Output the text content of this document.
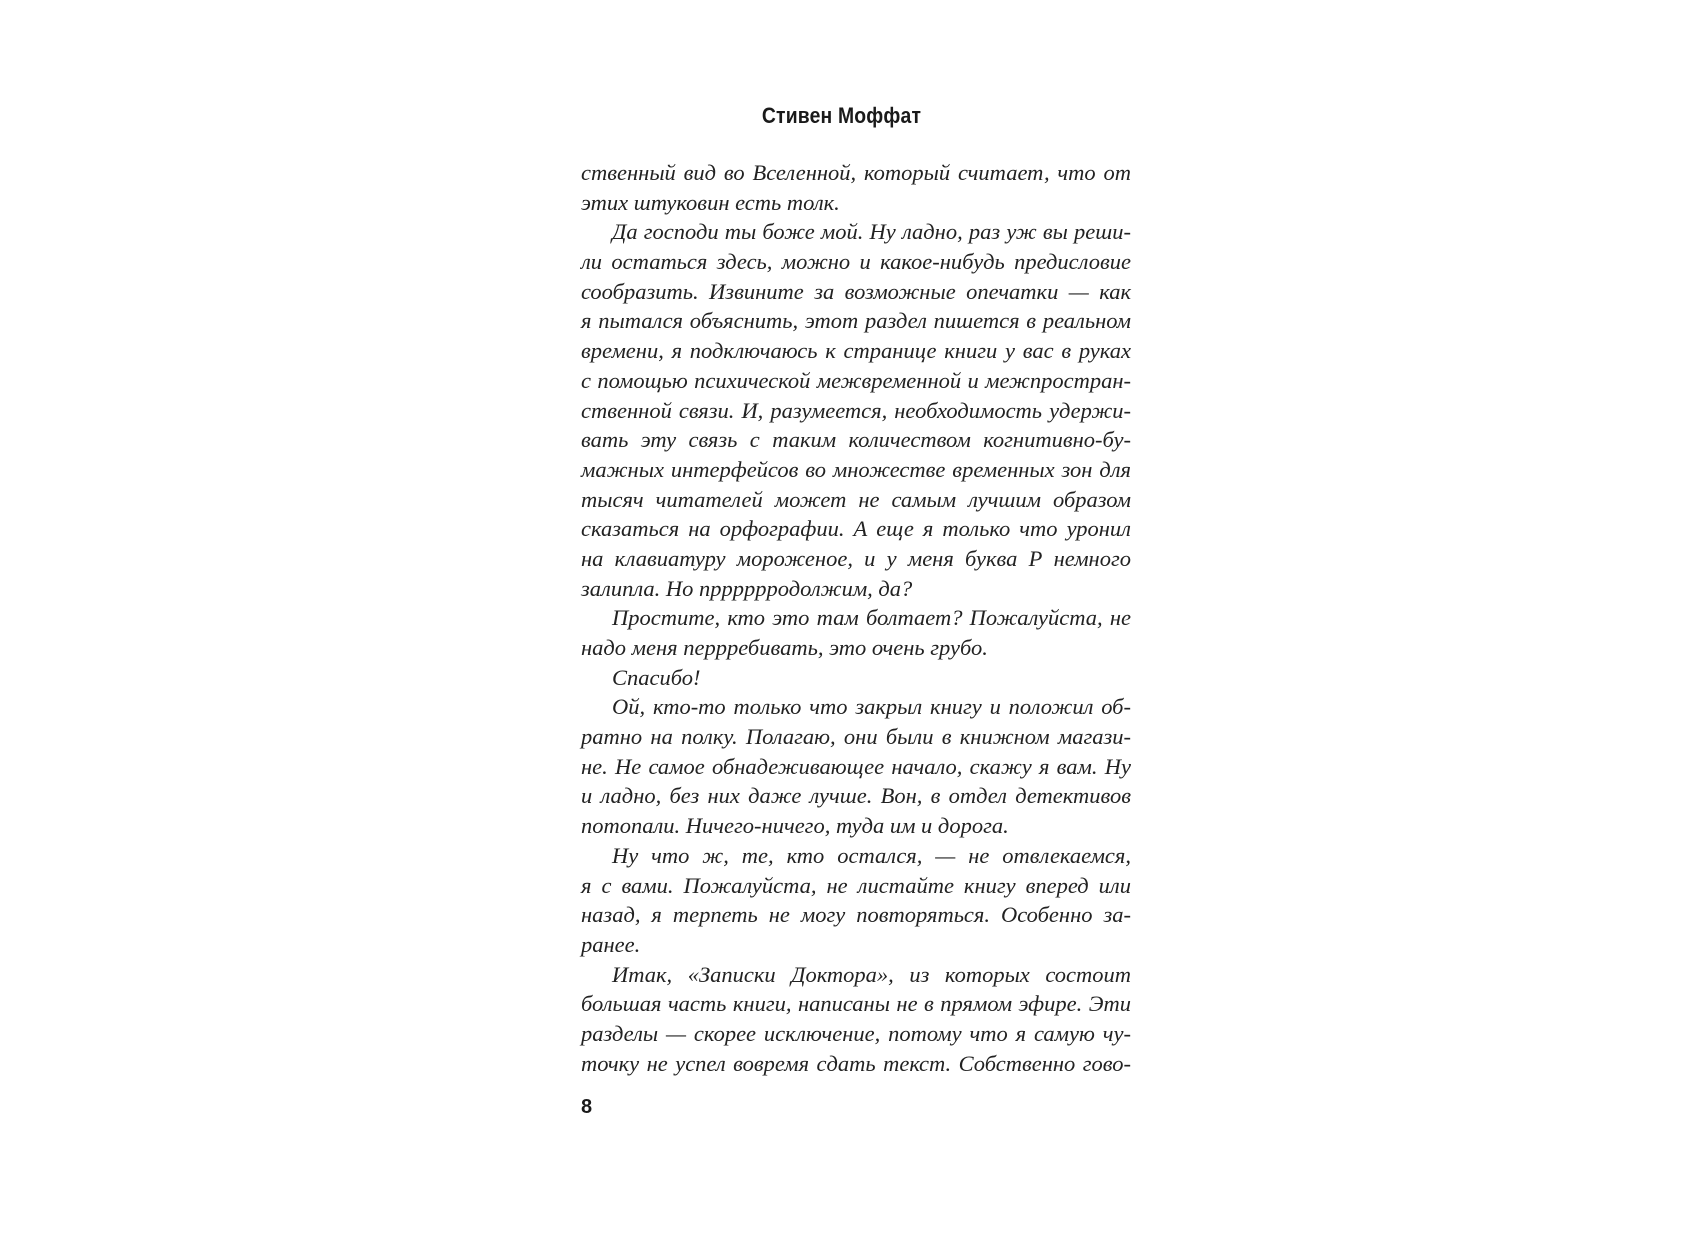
Стивен Моффат
ственный вид во Вселенной, который считает, что от
этих штуковин есть толк.
Да господи ты боже мой. Ну ладно, раз уж вы реши-
ли остаться здесь, можно и какое-нибудь предисловие
сообразить. Извините за возможные опечатки — как
я пытался объяснить, этот раздел пишется в реальном
времени, я подключаюсь к странице книги у вас в руках
с помощью психической межвременной и межпростран-
ственной связи. И, разумеется, необходимость удержи-
вать эту связь с таким количеством когнитивно-бу-
мажных интерфейсов во множестве временных зон для
тысяч читателей может не самым лучшим образом
сказаться на орфографии. А еще я только что уронил
на клавиатуру мороженое, и у меня буква Р немного
залипла. Но прррррродолжим, да?
Простите, кто это там болтает? Пожалуйста, не
надо меня перрребивать, это очень грубо.
Спасибо!
Ой, кто-то только что закрыл книгу и положил об-
ратно на полку. Полагаю, они были в книжном магази-
не. Не самое обнадеживающее начало, скажу я вам. Ну
и ладно, без них даже лучше. Вон, в отдел детективов
потопали. Ничего-ничего, туда им и дорога.
Ну что ж, те, кто остался, — не отвлекаемся,
я с вами. Пожалуйста, не листайте книгу вперед или
назад, я терпеть не могу повторяться. Особенно за-
ранее.
Итак, «Записки Доктора», из которых состоит
большая часть книги, написаны не в прямом эфире. Эти
разделы — скорее исключение, потому что я самую чу-
точку не успел вовремя сдать текст. Собственно гово-
8
